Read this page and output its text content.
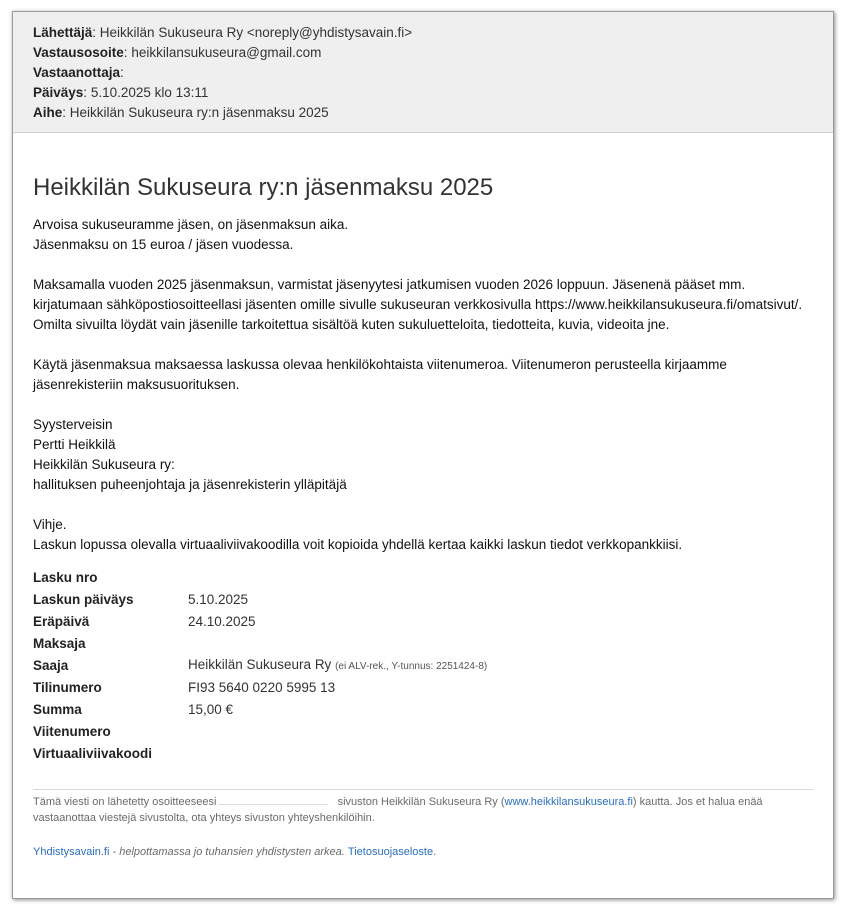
Lähettäjä: Heikkilän Sukuseura Ry <noreply@yhdistysavain.fi>
Vastausosoite: heikkilansukuseura@gmail.com
Vastaanottaja:
Päiväys: 5.10.2025 klo 13:11
Aihe: Heikkilän Sukuseura ry:n jäsenmaksu 2025
Heikkilän Sukuseura ry:n jäsenmaksu 2025
Arvoisa sukuseuramme jäsen, on jäsenmaksun aika.
Jäsenmaksu on 15 euroa / jäsen vuodessa.
Maksamalla vuoden 2025 jäsenmaksun, varmistat jäsenyytesi jatkumisen vuoden 2026 loppuun. Jäsenenä pääset mm. kirjatumaan sähköpostiosoitteellasi jäsenten omille sivulle sukuseuran verkkosivulla https://www.heikkilansukuseura.fi/omatsivut/. Omilta sivuilta löydät vain jäsenille tarkoitettua sisältöä kuten sukuluetteloita, tiedotteita, kuvia, videoita jne.
Käytä jäsenmaksua maksaessa laskussa olevaa henkilökohtaista viitenumeroa. Viitenumeron perusteella kirjaamme jäsenrekisteriin maksusuorituksen.
Syysterveisin
Pertti Heikkilä
Heikkilän Sukuseura ry:
hallituksen puheenjohtaja ja jäsenrekisterin ylläpitäjä
Vihje.
Laskun lopussa olevalla virtuaaliviivakoodilla voit kopioida yhdellä kertaa kaikki laskun tiedot verkkopankkiisi.
Lasku nro	
Laskun päiväys	5.10.2025
Eräpäivä	24.10.2025
Maksaja	
Saaja	Heikkilän Sukuseura Ry (ei ALV-rek., Y-tunnus: 2251424-8)
Tilinumero	FI93 5640 0220 5995 13
Summa	15,00 €
Viitenumero	
Virtuaaliviivakoodi	
Tämä viesti on lähetetty osoitteeseesi	sivuston Heikkilän Sukuseura Ry (www.heikkilansukuseura.fi) kautta. Jos et halua enää vastaanottaa viestejä sivustolta, ota yhteys sivuston yhteyshenkilöihin.
Yhdistysavain.fi - helpottamassa jo tuhansien yhdistysten arkea. Tietosuojaseloste.
